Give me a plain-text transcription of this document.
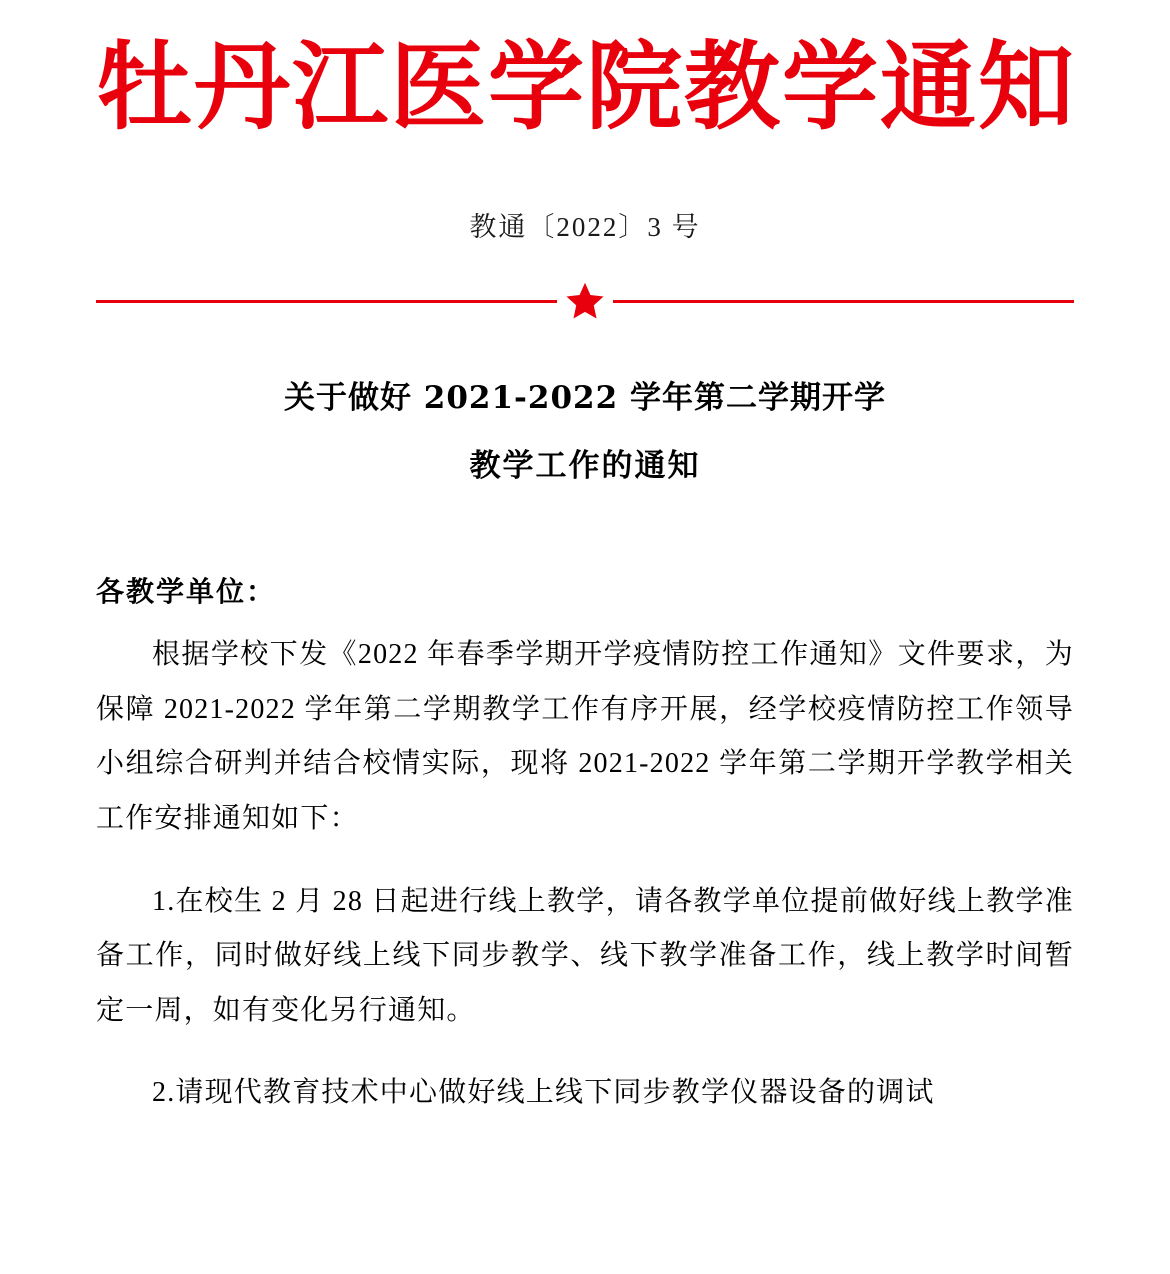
牡丹江医学院教学通知
教通〔2022〕3 号
关于做好 2021-2022 学年第二学期开学
教学工作的通知
各教学单位：

根据学校下发《2022 年春季学期开学疫情防控工作通知》文件要求，为保障 2021-2022 学年第二学期教学工作有序开展，经学校疫情防控工作领导小组综合研判并结合校情实际，现将 2021-2022 学年第二学期开学教学相关工作安排通知如下：

1.在校生 2 月 28 日起进行线上教学，请各教学单位提前做好线上教学准备工作，同时做好线上线下同步教学、线下教学准备工作，线上教学时间暂定一周，如有变化另行通知。

2.请现代教育技术中心做好线上线下同步教学仪器设备的调试
